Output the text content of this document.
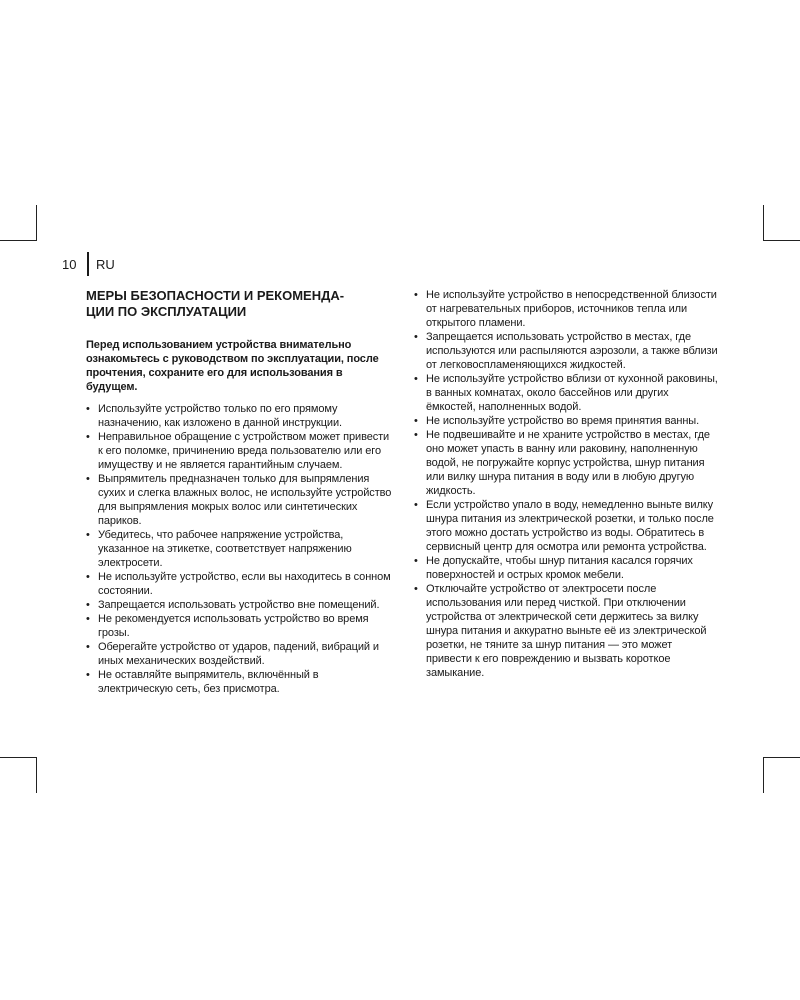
10 RU
МЕРЫ БЕЗОПАСНОСТИ И РЕКОМЕНДА-
ЦИИ ПО ЭКСПЛУАТАЦИИ
Перед использованием устройства внимательно ознакомьтесь с руководством по эксплуатации, после прочтения, сохраните его для использования в будущем.
• Используйте устройство только по его прямому назначению, как изложено в данной инструкции.
• Неправильное обращение с устройством может привести к его поломке, причинению вреда пользователю или его имуществу и не является гарантийным случаем.
• Выпрямитель предназначен только для выпрямления сухих и слегка влажных волос, не используйте устройство для выпрямления мокрых волос или синтетических париков.
• Убедитесь, что рабочее напряжение устройства, указанное на этикетке, соответствует напряжению электросети.
• Не используйте устройство, если вы находитесь в сонном состоянии.
• Запрещается использовать устройство вне помещений.
• Не рекомендуется использовать устройство во время грозы.
• Оберегайте устройство от ударов, падений, вибраций и иных механических воздействий.
• Не оставляйте выпрямитель, включённый в электрическую сеть, без присмотра.
• Не используйте устройство в непосредственной близости от нагревательных приборов, источников тепла или открытого пламени.
• Запрещается использовать устройство в местах, где используются или распыляются аэрозоли, а также вблизи от легковоспламеняющихся жидкостей.
• Не используйте устройство вблизи от кухонной раковины, в ванных комнатах, около бассейнов или других ёмкостей, наполненных водой.
• Не используйте устройство во время принятия ванны.
• Не подвешивайте и не храните устройство в местах, где оно может упасть в ванну или раковину, наполненную водой, не погружайте корпус устройства, шнур питания или вилку шнура питания в воду или в любую другую жидкость.
• Если устройство упало в воду, немедленно выньте вилку шнура питания из электрической розетки, и только после этого можно достать устройство из воды. Обратитесь в сервисный центр для осмотра или ремонта устройства.
• Не допускайте, чтобы шнур питания касался горячих поверхностей и острых кромок мебели.
• Отключайте устройство от электросети после использования или перед чисткой. При отключении устройства от электрической сети держитесь за вилку шнура питания и аккуратно выньте её из электрической розетки, не тяните за шнур питания — это может привести к его повреждению и вызвать короткое замыкание.
